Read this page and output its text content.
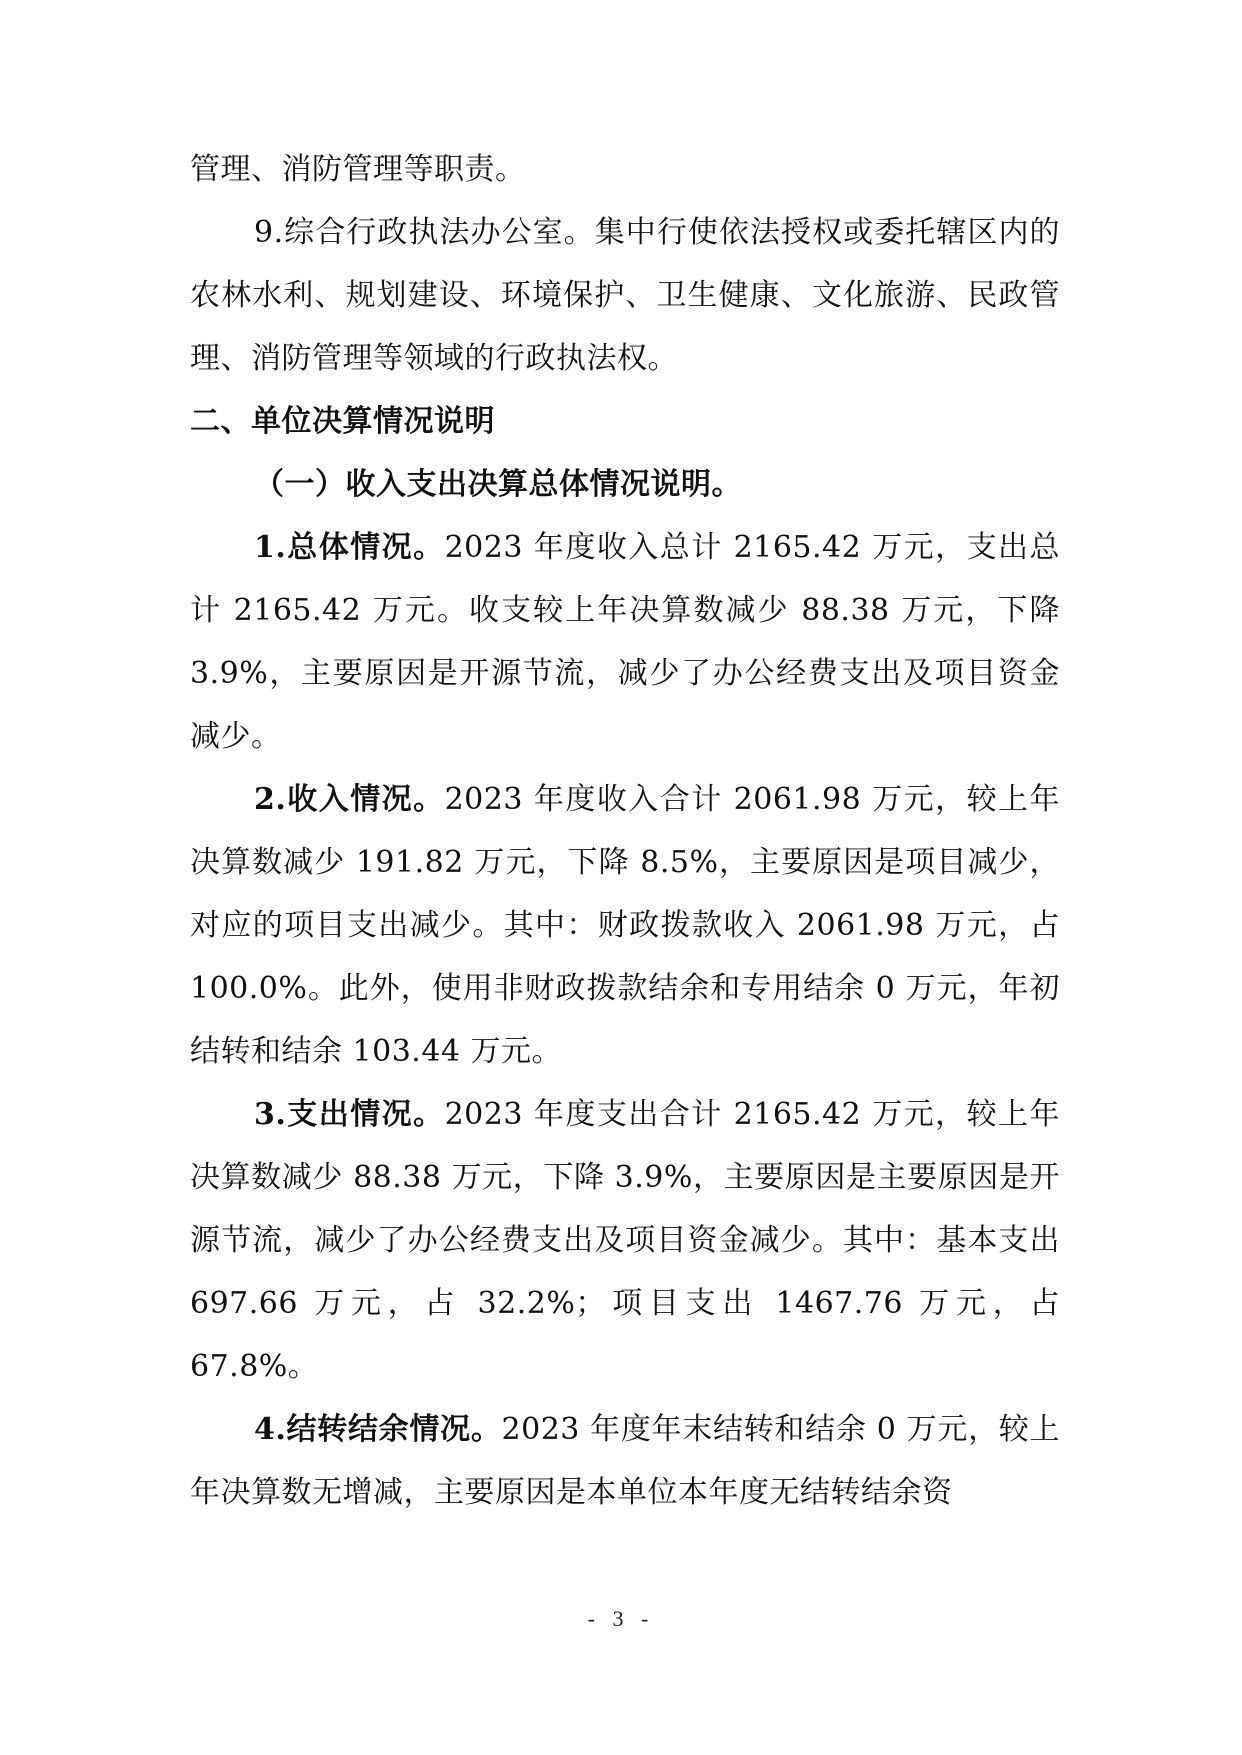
管理、消防管理等职责。

9.综合行政执法办公室。集中行使依法授权或委托辖区内的农林水利、规划建设、环境保护、卫生健康、文化旅游、民政管理、消防管理等领域的行政执法权。

二、单位决算情况说明

（一）收入支出决算总体情况说明。

1.总体情况。2023 年度收入总计 2165.42 万元，支出总计 2165.42 万元。收支较上年决算数减少 88.38 万元，下降 3.9%，主要原因是开源节流，减少了办公经费支出及项目资金减少。

2.收入情况。2023 年度收入合计 2061.98 万元，较上年决算数减少 191.82 万元，下降 8.5%，主要原因是项目减少，对应的项目支出减少。其中：财政拨款收入 2061.98 万元，占 100.0%。此外，使用非财政拨款结余和专用结余 0 万元，年初结转和结余 103.44 万元。

3.支出情况。2023 年度支出合计 2165.42 万元，较上年决算数减少 88.38 万元，下降 3.9%，主要原因是主要原因是开源节流，减少了办公经费支出及项目资金减少。其中：基本支出 697.66 万元，占 32.2%；项目支出 1467.76 万元，占 67.8%。

4.结转结余情况。2023 年度年末结转和结余 0 万元，较上年决算数无增减，主要原因是本单位本年度无结转结余资

- 3 -
